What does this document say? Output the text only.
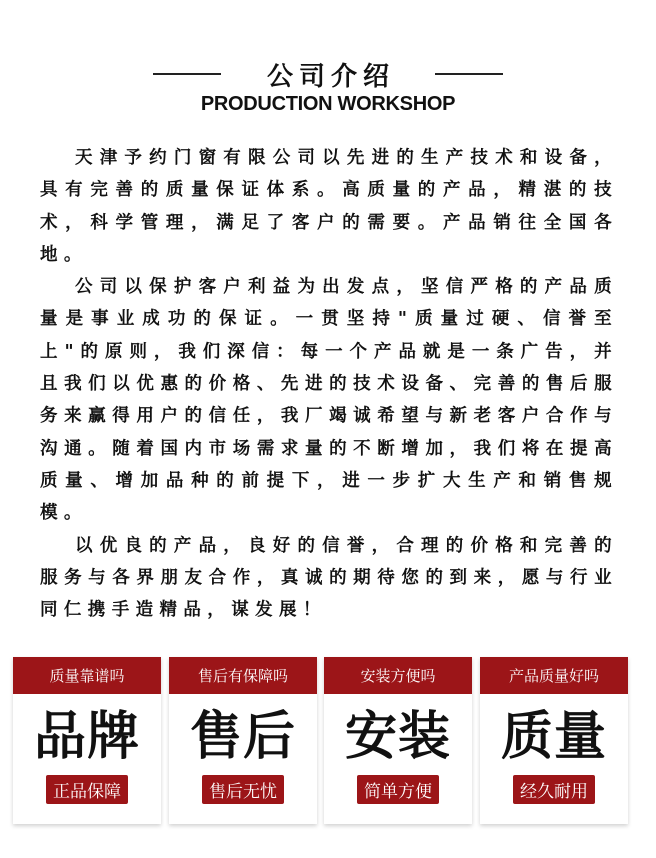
公司介绍
PRODUCTION WORKSHOP

天津予约门窗有限公司以先进的生产技术和设备，具有完善的质量保证体系。高质量的产品，精湛的技术，科学管理，满足了客户的需要。产品销往全国各地。

公司以保护客户利益为出发点，坚信严格的产品质量是事业成功的保证。一贯坚持"质量过硬、信誉至上"的原则，我们深信：每一个产品就是一条广告，并且我们以优惠的价格、先进的技术设备、完善的售后服务来赢得用户的信任，我厂竭诚希望与新老客户合作与沟通。随着国内市场需求量的不断增加，我们将在提高质量、增加品种的前提下，进一步扩大生产和销售规模。

以优良的产品，良好的信誉，合理的价格和完善的服务与各界朋友合作，真诚的期待您的到来，愿与行业同仁携手造精品，谋发展！

质量靠谱吗
品牌
正品保障
售后有保障吗
售后
售后无忧
安装方便吗
安装
简单方便
产品质量好吗
质量
经久耐用
